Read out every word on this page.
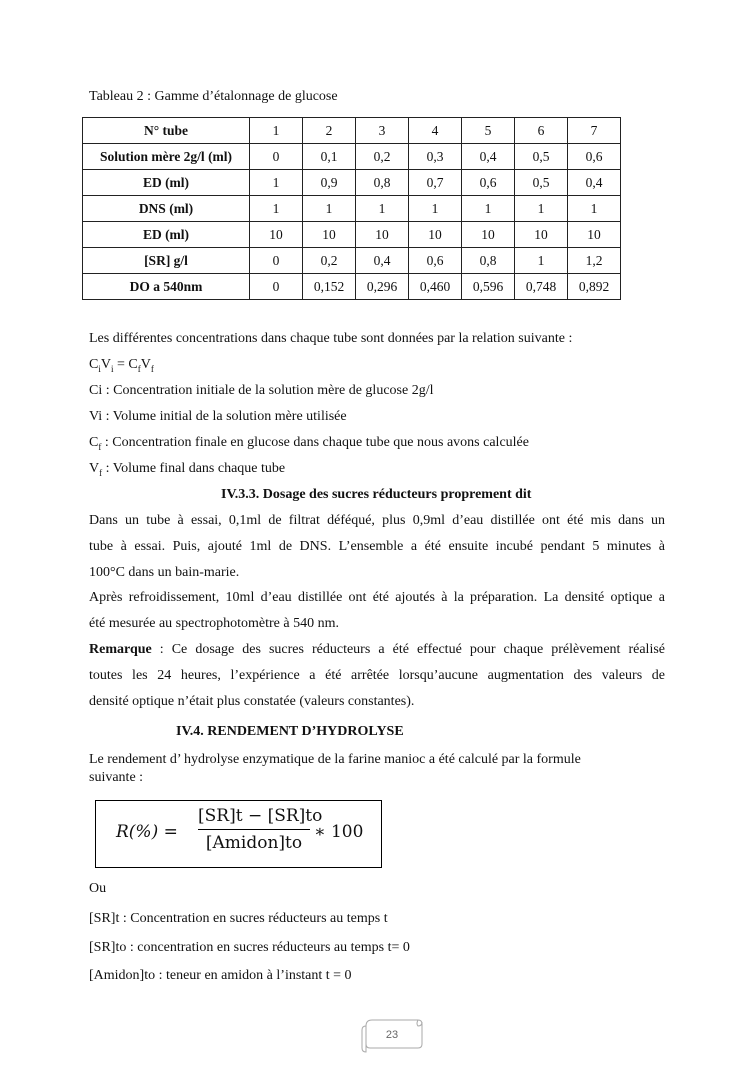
Tableau 2 : Gamme d’étalonnage de glucose
N° tube	1	2	3	4	5	6	7
Solution mère 2g/l (ml)	0	0,1	0,2	0,3	0,4	0,5	0,6
ED (ml)	1	0,9	0,8	0,7	0,6	0,5	0,4
DNS (ml)	1	1	1	1	1	1	1
ED (ml)	10	10	10	10	10	10	10
[SR] g/l	0	0,2	0,4	0,6	0,8	1	1,2
DO a 540nm	0	0,152	0,296	0,460	0,596	0,748	0,892
Les différentes concentrations dans chaque tube sont données par la relation suivante :
$C_iV_i = C_fV_f$
Ci : Concentration initiale de la solution mère de glucose 2g/l
Vi : Volume initial de la solution mère utilisée
$C_f$ : Concentration finale en glucose dans chaque tube que nous avons calculée
$V_f$ : Volume final dans chaque tube
IV.3.3. Dosage des sucres réducteurs proprement dit
Dans un tube à essai, 0,1ml de filtrat déféqué, plus 0,9ml d’eau distillée ont été mis dans un
tube à essai. Puis, ajouté 1ml de DNS. L’ensemble a été ensuite incubé pendant 5 minutes à
100°C dans un bain-marie.
Après refroidissement, 10ml d’eau distillée ont été ajoutés à la préparation. La densité optique a
été mesurée au spectrophotomètre à 540 nm.
Remarque : Ce dosage des sucres réducteurs a été effectué pour chaque prélèvement réalisé
toutes les 24 heures, l’expérience a été arrêtée lorsqu’aucune augmentation des valeurs de
densité optique n’était plus constatée (valeurs constantes).
IV.4. RENDEMENT D’HYDROLYSE
Le rendement d’ hydrolyse enzymatique de la farine manioc a été calculé par la formule
suivante :
R(%) =
[SR]t − [SR]to
[Amidon]to
∗ 100
Ou
[SR]t : Concentration en sucres réducteurs au temps t
[SR]to : concentration en sucres réducteurs au temps t= 0
[Amidon]to : teneur en amidon à l’instant t = 0
23
